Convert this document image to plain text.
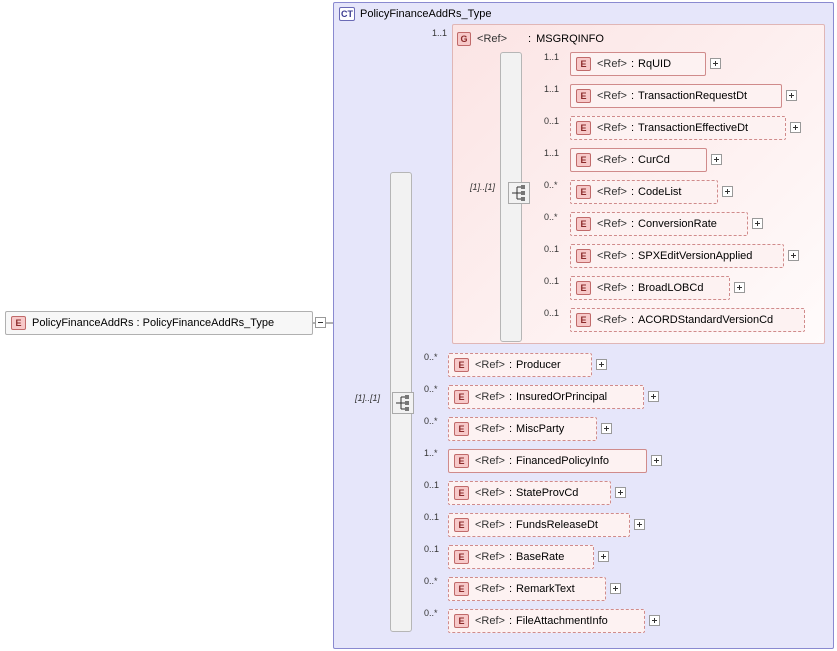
CT PolicyFinanceAddRs_Type
G <Ref> : MSGRQINFO
1..1
[1]..[1]
1..1
E <Ref> : RqUID
1..1
E <Ref> : TransactionRequestDt
0..1
E <Ref> : TransactionEffectiveDt
1..1
E <Ref> : CurCd
0..*
E <Ref> : CodeList
0..*
E <Ref> : ConversionRate
0..1
E <Ref> : SPXEditVersionApplied
0..1
E <Ref> : BroadLOBCd
0..1
E <Ref> : ACORDStandardVersionCd
[1]..[1]
0..*
E <Ref> : Producer
0..*
E <Ref> : InsuredOrPrincipal
0..*
E <Ref> : MiscParty
1..*
E <Ref> : FinancedPolicyInfo
0..1
E <Ref> : StateProvCd
0..1
E <Ref> : FundsReleaseDt
0..1
E <Ref> : BaseRate
0..*
E <Ref> : RemarkText
0..*
E <Ref> : FileAttachmentInfo
E PolicyFinanceAddRs : PolicyFinanceAddRs_Type
